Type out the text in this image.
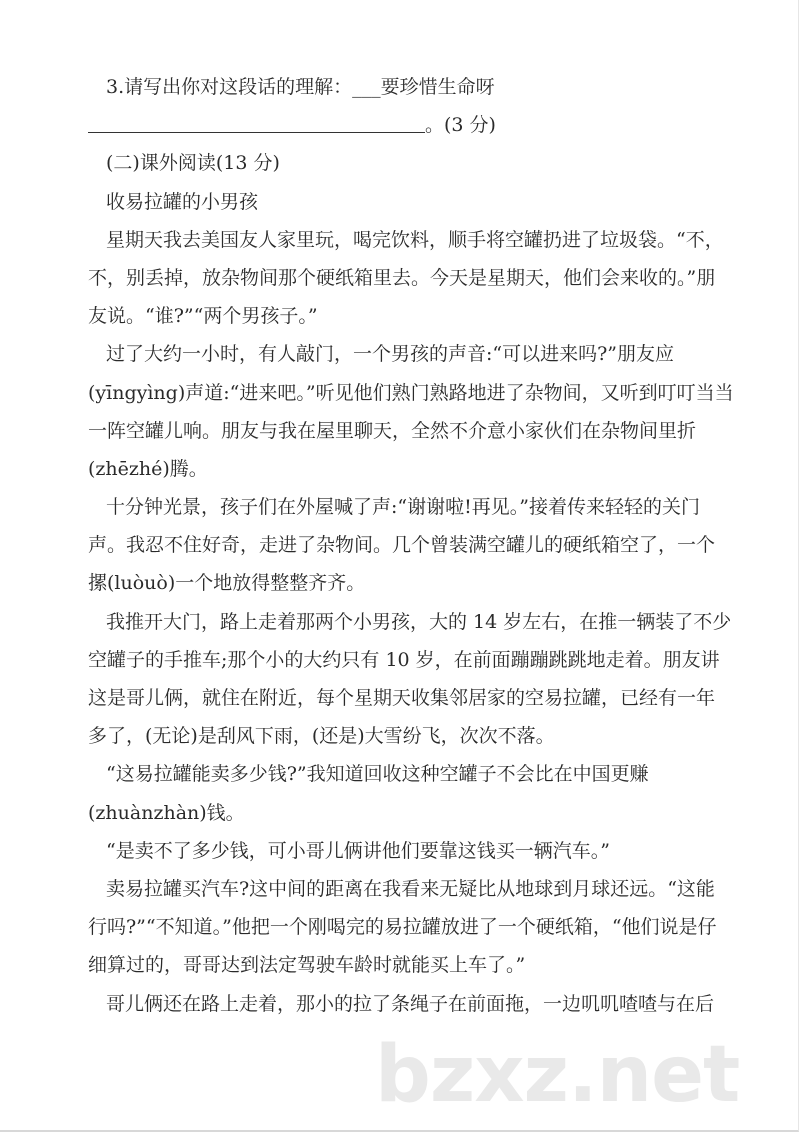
3.请写出你对这段话的理解：___要珍惜生命呀
。(3 分)
(二)课外阅读(13 分)
收易拉罐的小男孩
星期天我去美国友人家里玩，喝完饮料，顺手将空罐扔进了垃圾袋。“不，
不，别丢掉，放杂物间那个硬纸箱里去。今天是星期天，他们会来收的。”朋
友说。“谁?”“两个男孩子。”
过了大约一小时，有人敲门，一个男孩的声音:“可以进来吗?”朋友应
(yīngyìng)声道:“进来吧。”听见他们熟门熟路地进了杂物间，又听到叮叮当当
一阵空罐儿响。朋友与我在屋里聊天，全然不介意小家伙们在杂物间里折
(zhēzhé)腾。
十分钟光景，孩子们在外屋喊了声:“谢谢啦!再见。”接着传来轻轻的关门
声。我忍不住好奇，走进了杂物间。几个曾装满空罐儿的硬纸箱空了，一个
摞(luòuò)一个地放得整整齐齐。
我推开大门，路上走着那两个小男孩，大的 14 岁左右，在推一辆装了不少
空罐子的手推车;那个小的大约只有 10 岁，在前面蹦蹦跳跳地走着。朋友讲
这是哥儿俩，就住在附近，每个星期天收集邻居家的空易拉罐，已经有一年
多了，(无论)是刮风下雨，(还是)大雪纷飞，次次不落。
“这易拉罐能卖多少钱?”我知道回收这种空罐子不会比在中国更赚
(zhuànzhàn)钱。
“是卖不了多少钱，可小哥儿俩讲他们要靠这钱买一辆汽车。”
卖易拉罐买汽车?这中间的距离在我看来无疑比从地球到月球还远。“这能
行吗?”“不知道。”他把一个刚喝完的易拉罐放进了一个硬纸箱，“他们说是仔
细算过的，哥哥达到法定驾驶车龄时就能买上车了。”
哥儿俩还在路上走着，那小的拉了条绳子在前面拖，一边叽叽喳喳与在后
bzxz.net
